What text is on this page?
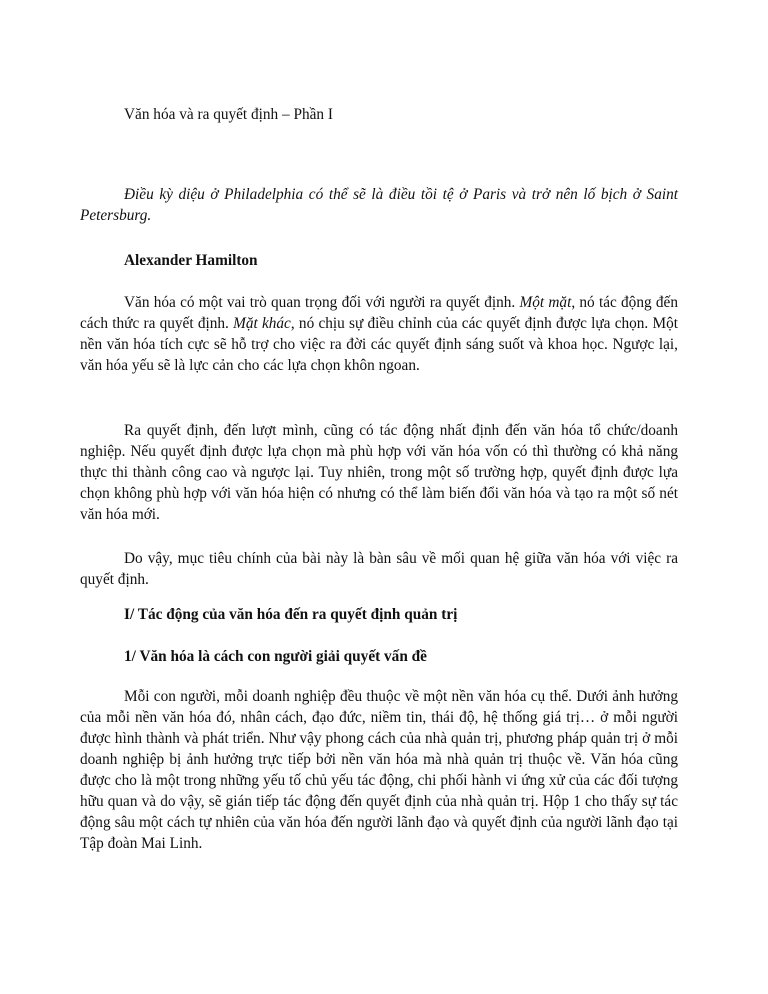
Văn hóa và ra quyết định – Phần I

Điều kỳ diệu ở Philadelphia có thể sẽ là điều tồi tệ ở Paris và trở nên lố bịch ở Saint Petersburg.

Alexander Hamilton

Văn hóa có một vai trò quan trọng đối với người ra quyết định. Một mặt, nó tác động đến cách thức ra quyết định. Mặt khác, nó chịu sự điều chỉnh của các quyết định được lựa chọn. Một nền văn hóa tích cực sẽ hỗ trợ cho việc ra đời các quyết định sáng suốt và khoa học. Ngược lại, văn hóa yếu sẽ là lực cản cho các lựa chọn khôn ngoan.

Ra quyết định, đến lượt mình, cũng có tác động nhất định đến văn hóa tổ chức/doanh nghiệp. Nếu quyết định được lựa chọn mà phù hợp với văn hóa vốn có thì thường có khả năng thực thi thành công cao và ngược lại. Tuy nhiên, trong một số trường hợp, quyết định được lựa chọn không phù hợp với văn hóa hiện có nhưng có thể làm biến đổi văn hóa và tạo ra một số nét văn hóa mới.

Do vậy, mục tiêu chính của bài này là bàn sâu về mối quan hệ giữa văn hóa với việc ra quyết định.

I/ Tác động của văn hóa đến ra quyết định quản trị

1/ Văn hóa là cách con người giải quyết vấn đề

Mỗi con người, mỗi doanh nghiệp đều thuộc về một nền văn hóa cụ thể. Dưới ảnh hưởng của mỗi nền văn hóa đó, nhân cách, đạo đức, niềm tin, thái độ, hệ thống giá trị… ở mỗi người được hình thành và phát triển. Như vậy phong cách của nhà quản trị, phương pháp quản trị ở mỗi doanh nghiệp bị ảnh hưởng trực tiếp bởi nền văn hóa mà nhà quản trị thuộc về. Văn hóa cũng được cho là một trong những yếu tố chủ yếu tác động, chi phối hành vi ứng xử của các đối tượng hữu quan và do vậy, sẽ gián tiếp tác động đến quyết định của nhà quản trị. Hộp 1 cho thấy sự tác động sâu một cách tự nhiên của văn hóa đến người lãnh đạo và quyết định của người lãnh đạo tại Tập đoàn Mai Linh.
